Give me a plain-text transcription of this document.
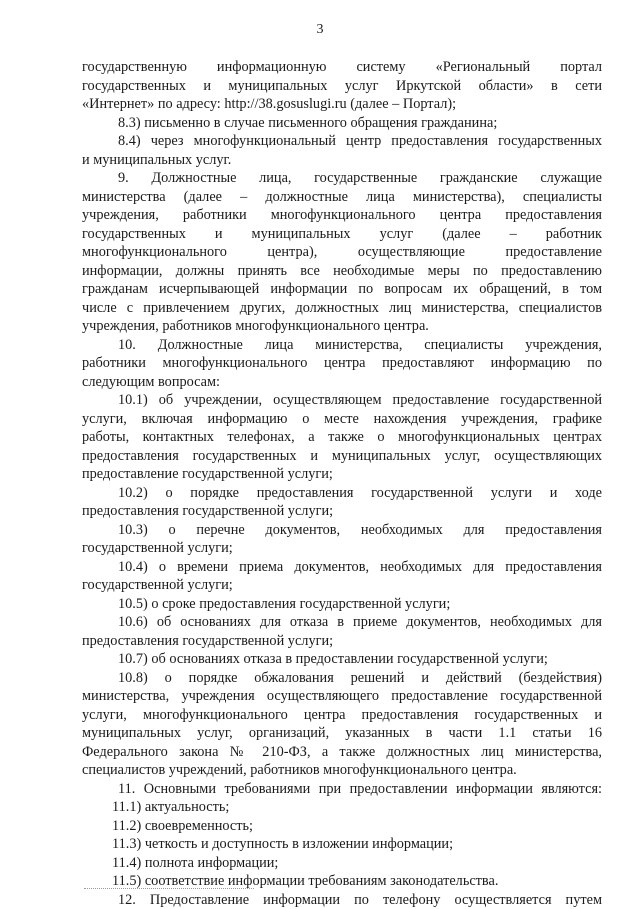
3
государственную информационную систему «Региональный портал
государственных и муниципальных услуг Иркутской области» в сети
«Интернет» по адресу: http://38.gosuslugi.ru (далее – Портал);
8.3) письменно в случае письменного обращения гражданина;
8.4) через многофункциональный центр предоставления государственных
и муниципальных услуг.
9. Должностные лица, государственные гражданские служащие
министерства (далее – должностные лица министерства), специалисты
учреждения, работники многофункционального центра предоставления
государственных и муниципальных услуг (далее – работник
многофункционального центра), осуществляющие предоставление
информации, должны принять все необходимые меры по предоставлению
гражданам исчерпывающей информации по вопросам их обращений, в том
числе с привлечением других, должностных лиц министерства, специалистов
учреждения, работников многофункционального центра.
10. Должностные лица министерства, специалисты учреждения,
работники многофункционального центра предоставляют информацию по
следующим вопросам:
10.1) об учреждении, осуществляющем предоставление государственной
услуги, включая информацию о месте нахождения учреждения, графике
работы, контактных телефонах, а также о многофункциональных центрах
предоставления государственных и муниципальных услуг, осуществляющих
предоставление государственной услуги;
10.2) о порядке предоставления государственной услуги и ходе
предоставления государственной услуги;
10.3) о перечне документов, необходимых для предоставления
государственной услуги;
10.4) о времени приема документов, необходимых для предоставления
государственной услуги;
10.5) о сроке предоставления государственной услуги;
10.6) об основаниях для отказа в приеме документов, необходимых для
предоставления государственной услуги;
10.7) об основаниях отказа в предоставлении государственной услуги;
10.8) о порядке обжалования решений и действий (бездействия)
министерства, учреждения осуществляющего предоставление государственной
услуги, многофункционального центра предоставления государственных и
муниципальных услуг, организаций, указанных в части 1.1 статьи 16
Федерального закона № 210-ФЗ, а также должностных лиц министерства,
специалистов учреждений, работников многофункционального центра.
11. Основными требованиями при предоставлении информации являются:
11.1) актуальность;
11.2) своевременность;
11.3) четкость и доступность в изложении информации;
11.4) полнота информации;
11.5) соответствие информации требованиям законодательства.
12. Предоставление информации по телефону осуществляется путем
